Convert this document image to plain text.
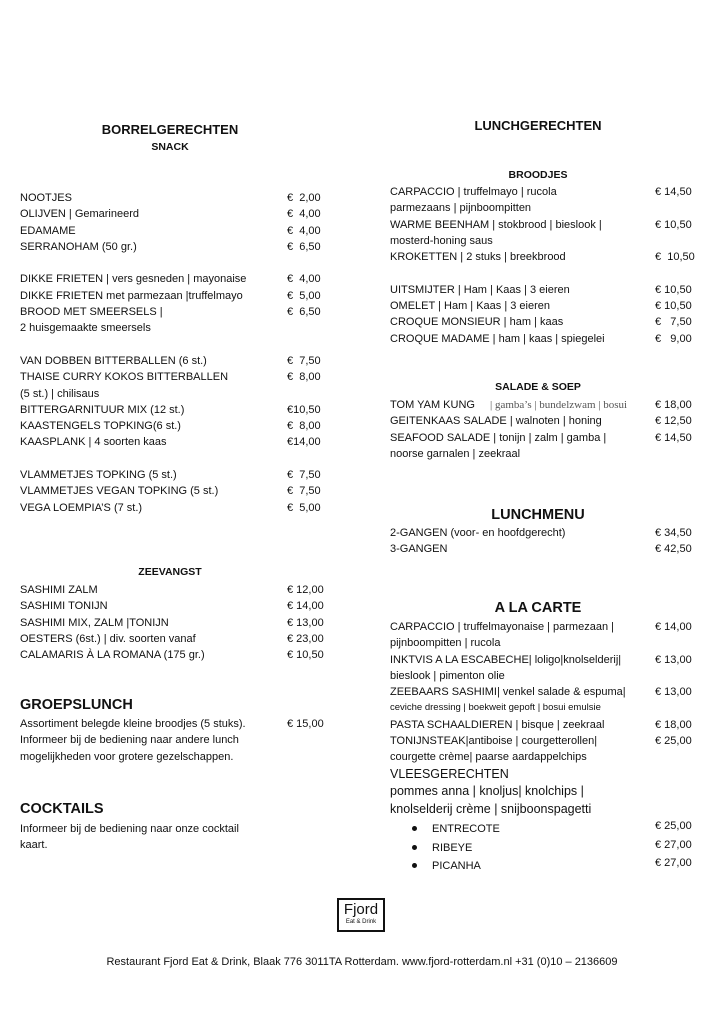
BORRELGERECHTEN
SNACK
NOOTJES	€  2,00
OLIJVEN | Gemarineerd	€  4,00
EDAMAME	€  4,00
SERRANOHAM (50 gr.)	€  6,50
DIKKE FRIETEN | vers gesneden | mayonaise	€  4,00
DIKKE FRIETEN met parmezaan |truffelmayo	€  5,00
BROOD MET SMEERSELS |	€  6,50
2 huisgemaakte smeersels
VAN DOBBEN BITTERBALLEN (6 st.)	€  7,50
THAISE CURRY KOKOS BITTERBALLEN	€  8,00
(5 st.) | chilisaus
BITTERGARNITUUR MIX (12 st.)	€10,50
KAASTENGELS TOPKING(6 st.)	€  8,00
KAASPLANK | 4 soorten kaas	€14,00
VLAMMETJES TOPKING (5 st.)	€  7,50
VLAMMETJES VEGAN TOPKING (5 st.)	€  7,50
VEGA LOEMPIA’S (7 st.)	€  5,00
ZEEVANGST
SASHIMI ZALM	€ 12,00
SASHIMI TONIJN	€ 14,00
SASHIMI MIX, ZALM |TONIJN	€ 13,00
OESTERS (6st.) | div. soorten vanaf	€ 23,00
CALAMARIS À LA ROMANA (175 gr.)	€ 10,50
GROEPSLUNCH
Assortiment belegde kleine broodjes (5 stuks).	€ 15,00
Informeer bij de bediening naar andere lunch
mogelijkheden voor grotere gezelschappen.
COCKTAILS
Informeer bij de bediening naar onze cocktail
kaart.
LUNCHGERECHTEN
BROODJES
CARPACCIO | truffelmayo | rucola	€ 14,50
parmezaans | pijnboompitten
WARME BEENHAM | stokbrood | bieslook |	€ 10,50
mosterd-honing saus
KROKETTEN | 2 stuks | breekbrood	€  10,50
UITSMIJTER | Ham | Kaas | 3 eieren	€ 10,50
OMELET | Ham | Kaas | 3 eieren	€ 10,50
CROQUE MONSIEUR | ham | kaas	€   7,50
CROQUE MADAME | ham | kaas | spiegelei	€   9,00
SALADE & SOEP
TOM YAM KUNG | gamba’s | bundelzwam | bosui	€ 18,00
GEITENKAAS SALADE | walnoten | honing	€ 12,50
SEAFOOD SALADE | tonijn | zalm | gamba |	€ 14,50
noorse garnalen | zeekraal
LUNCHMENU
2-GANGEN (voor- en hoofdgerecht)	€ 34,50
3-GANGEN	€ 42,50
A LA CARTE
CARPACCIO | truffelmayonaise | parmezaan |	€ 14,00
pijnboompitten | rucola
INKTVIS A LA ESCABECHE| loligo|knolselderij|	€ 13,00
bieslook | pimenton olie
ZEEBAARS SASHIMI| venkel salade & espuma|	€ 13,00
ceviche dressing | boekweit gepoft | bosui emulsie
PASTA SCHAALDIEREN | bisque | zeekraal	€ 18,00
TONIJNSTEAK|antiboise | courgetterollen|	€ 25,00
courgette crème| paarse aardappelchips
VLEESGERECHTEN
pommes anna | knoljus| knolchips |
knolselderij crème | snijboonspagetti
ENTRECOTE	€ 25,00
RIBEYE	€ 27,00
PICANHA	€ 27,00
Fjord
Eat & Drink
Restaurant Fjord Eat & Drink, Blaak 776 3011TA Rotterdam. www.fjord-rotterdam.nl +31 (0)10 – 2136609
